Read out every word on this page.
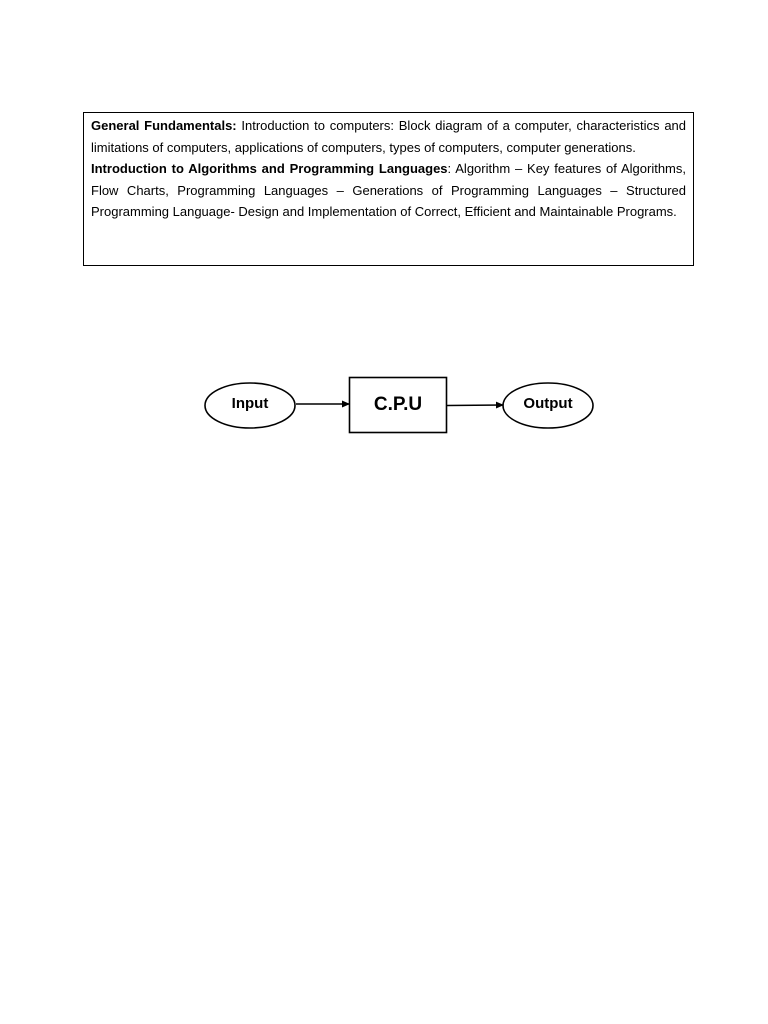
General Fundamentals: Introduction to computers: Block diagram of a computer, characteristics and limitations of computers, applications of computers, types of computers, computer generations.

Introduction to Algorithms and Programming Languages: Algorithm – Key features of Algorithms, Flow Charts, Programming Languages – Generations of Programming Languages – Structured Programming Language- Design and Implementation of Correct, Efficient and Maintainable Programs.

Input	C.P.U	Output
